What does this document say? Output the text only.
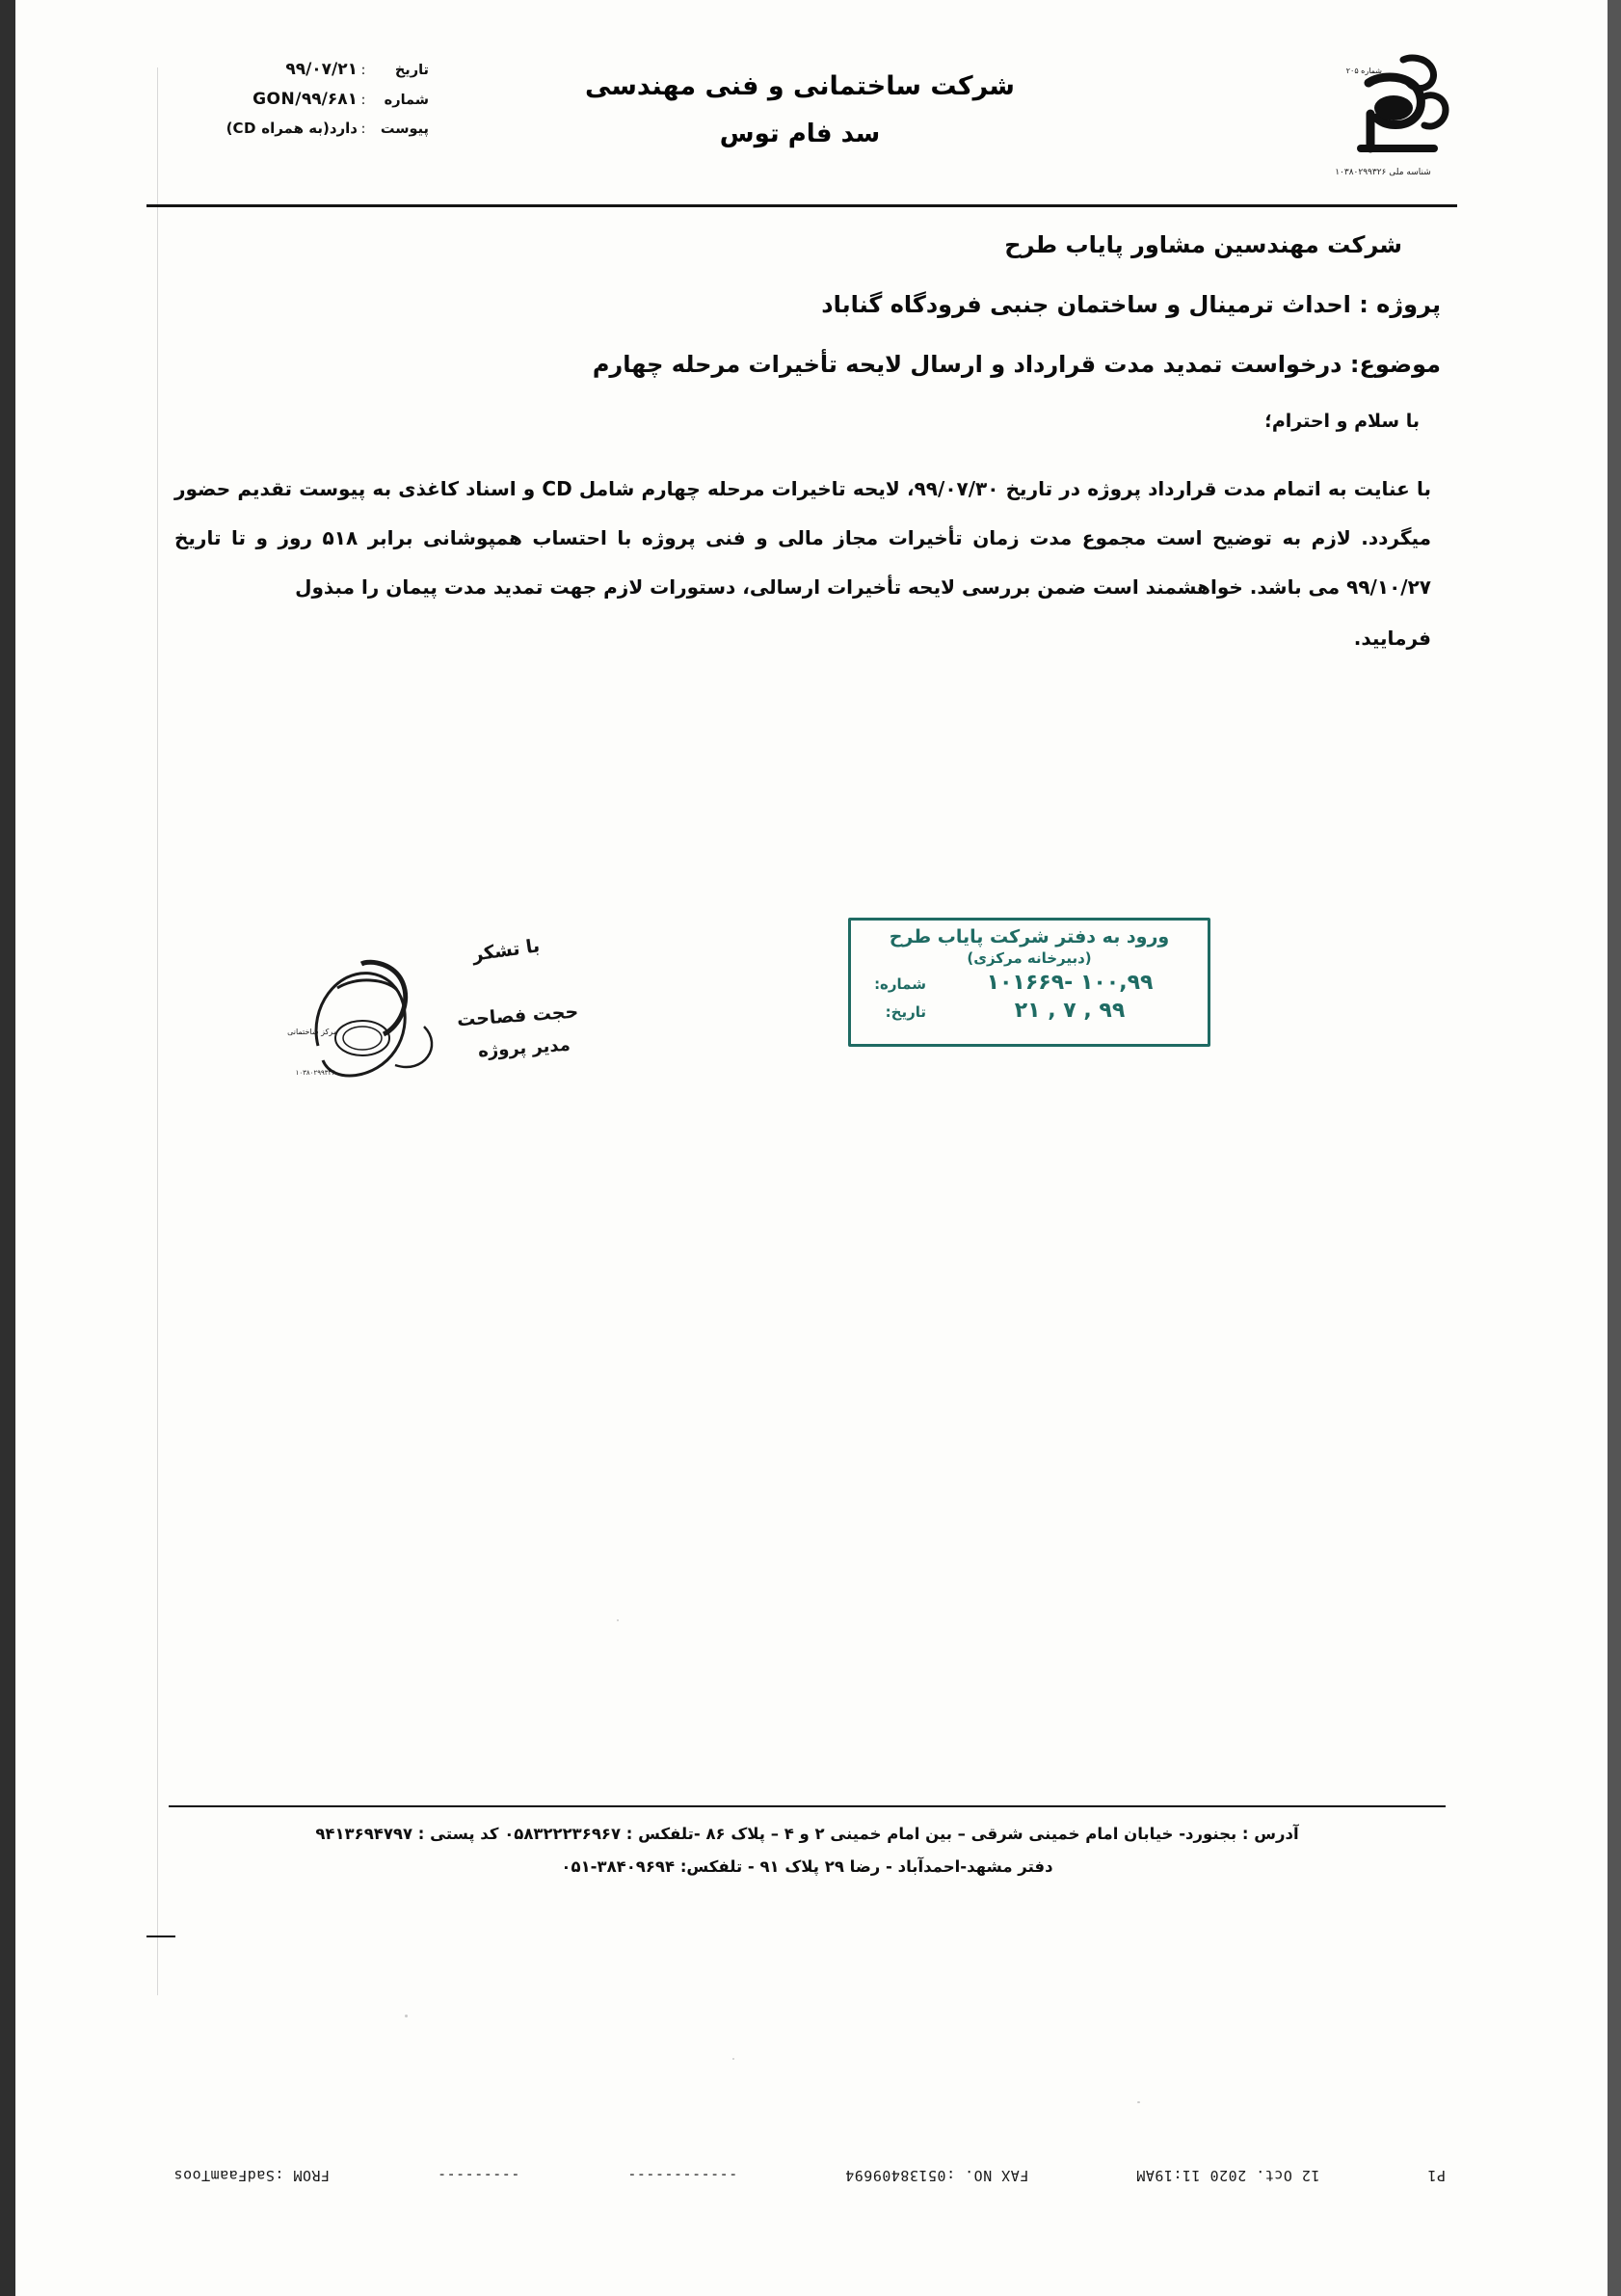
تاریخ
:
۹۹/۰۷/۲۱
شماره
:
GON/۹۹/۶۸۱
پیوست
:
دارد(به همراه CD)
شرکت ساختمانی و فنی مهندسی
سد فام توس
شماره ۲۰۵
شناسه ملی ۱۰۳۸۰۲۹۹۳۲۶

شرکت مهندسین مشاور پایاب طرح

پروژه : احداث ترمینال و ساختمان جنبی فرودگاه گناباد

موضوع: درخواست تمدید مدت قرارداد و ارسال لایحه تأخیرات مرحله چهارم

با سلام و احترام؛

با عنایت به اتمام مدت قرارداد پروژه در تاریخ ۹۹/۰۷/۳۰، لایحه تاخیرات مرحله چهارم شامل CD و اسناد کاغذی به پیوست تقدیم حضور میگردد. لازم به توضیح است مجموع مدت زمان تأخیرات مجاز مالی و فنی پروژه با احتساب همپوشانی برابر ۵۱۸ روز و تا تاریخ ۹۹/۱۰/۲۷ می باشد. خواهشمند است ضمن بررسی لایحه تأخیرات ارسالی، دستورات لازم جهت تمدید مدت پیمان را مبذول

فرمایید.

ورود به دفتر شرکت پایاب طرح
(دبیرخانه مرکزی)
۱۰۰,۹۹ -۱۰۱۶۶۹
شماره:
۹۹ , ۷ , ۲۱
تاریخ:
مرکز ساختمانی
۱۰۳۸۰۲۹۹۳۲۶
با تشکر
حجت فصاحت
مدیر پروژه
آدرس : بجنورد- خیابان امام خمینی شرقی – بین امام خمینی ۲ و ۴ – پلاک ۸۶ -تلفکس : ۰۵۸۳۲۲۲۳۶۹۶۷ کد پستی : ۹۴۱۳۶۹۴۷۹۷
دفتر مشهد-احمدآباد - رضا ۲۹ پلاک ۹۱ - تلفکس: ۳۸۴۰۹۶۹۴-۰۵۱
P1
12 Oct. 2020 11:19AM
FAX NO. :05138409694
------------
---------
FROM :SadFaamToos
